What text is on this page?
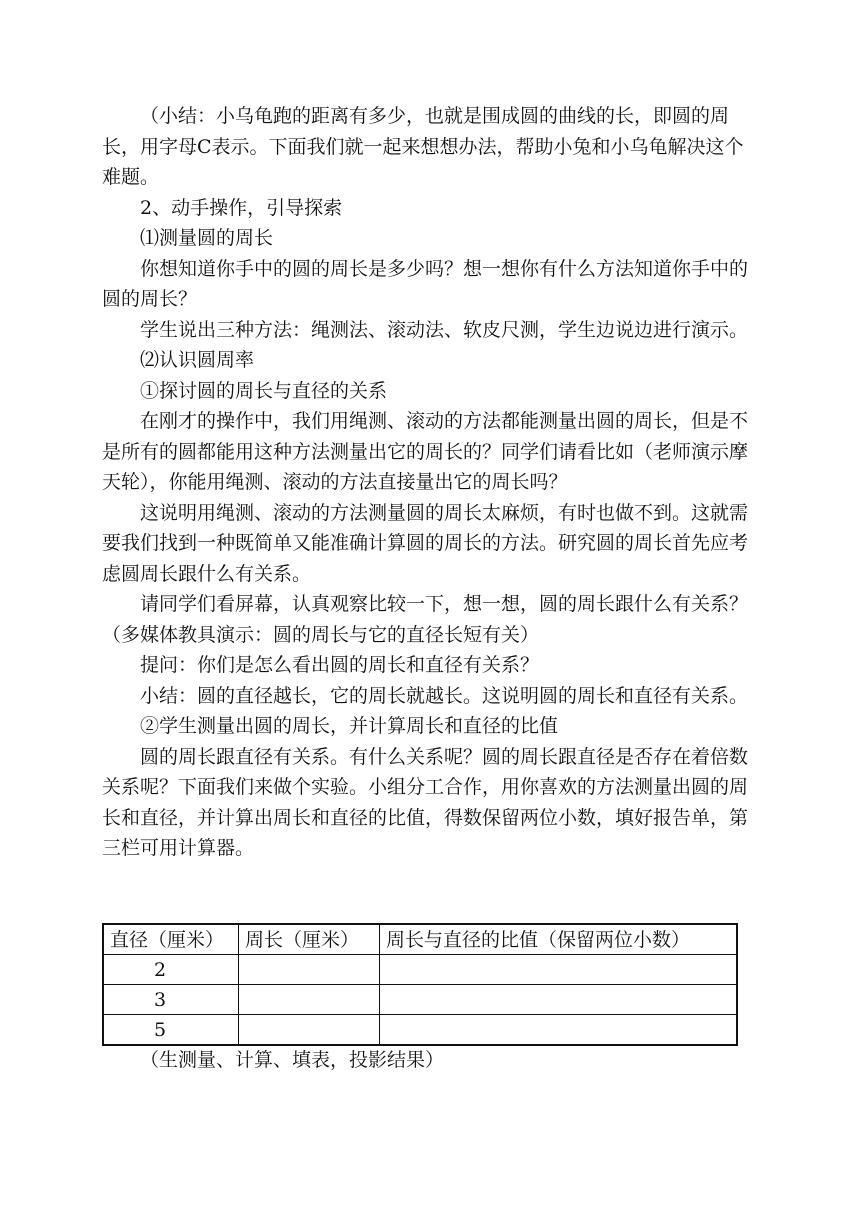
（小结：小乌龟跑的距离有多少，也就是围成圆的曲线的长，即圆的周长，用字母C表示。下面我们就一起来想想办法，帮助小兔和小乌龟解决这个难题。

2、动手操作，引导探索

⑴测量圆的周长

你想知道你手中的圆的周长是多少吗？想一想你有什么方法知道你手中的圆的周长？

学生说出三种方法：绳测法、滚动法、软皮尺测，学生边说边进行演示。

⑵认识圆周率

①探讨圆的周长与直径的关系

在刚才的操作中，我们用绳测、滚动的方法都能测量出圆的周长，但是不是所有的圆都能用这种方法测量出它的周长的？同学们请看比如（老师演示摩天轮），你能用绳测、滚动的方法直接量出它的周长吗？

这说明用绳测、滚动的方法测量圆的周长太麻烦，有时也做不到。这就需要我们找到一种既简单又能准确计算圆的周长的方法。研究圆的周长首先应考虑圆周长跟什么有关系。

请同学们看屏幕，认真观察比较一下，想一想，圆的周长跟什么有关系？（多媒体教具演示：圆的周长与它的直径长短有关）

提问：你们是怎么看出圆的周长和直径有关系？

小结：圆的直径越长，它的周长就越长。这说明圆的周长和直径有关系。

②学生测量出圆的周长，并计算周长和直径的比值

圆的周长跟直径有关系。有什么关系呢？圆的周长跟直径是否存在着倍数关系呢？下面我们来做个实验。小组分工合作，用你喜欢的方法测量出圆的周长和直径，并计算出周长和直径的比值，得数保留两位小数，填好报告单，第三栏可用计算器。

直径（厘米）	周长（厘米）	周长与直径的比值（保留两位小数）
2		
3		
5		

（生测量、计算、填表，投影结果）
